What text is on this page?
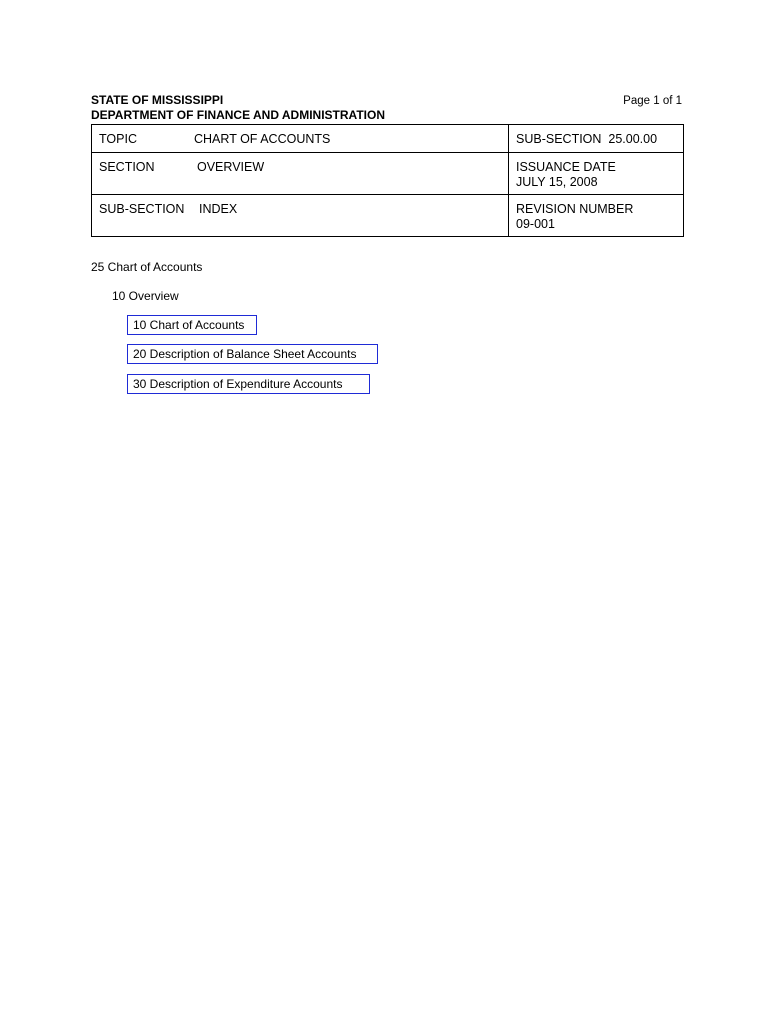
STATE OF MISSISSIPPI
DEPARTMENT OF FINANCE AND ADMINISTRATION
Page 1 of 1
TOPIC CHART OF ACCOUNTS	SUB-SECTION 25.00.00
SECTION OVERVIEW	ISSUANCE DATE
JULY 15, 2008

SUB-SECTION INDEX	REVISION NUMBER
09-001
25 Chart of Accounts
10 Overview
10 Chart of Accounts
20 Description of Balance Sheet Accounts
30 Description of Expenditure Accounts
